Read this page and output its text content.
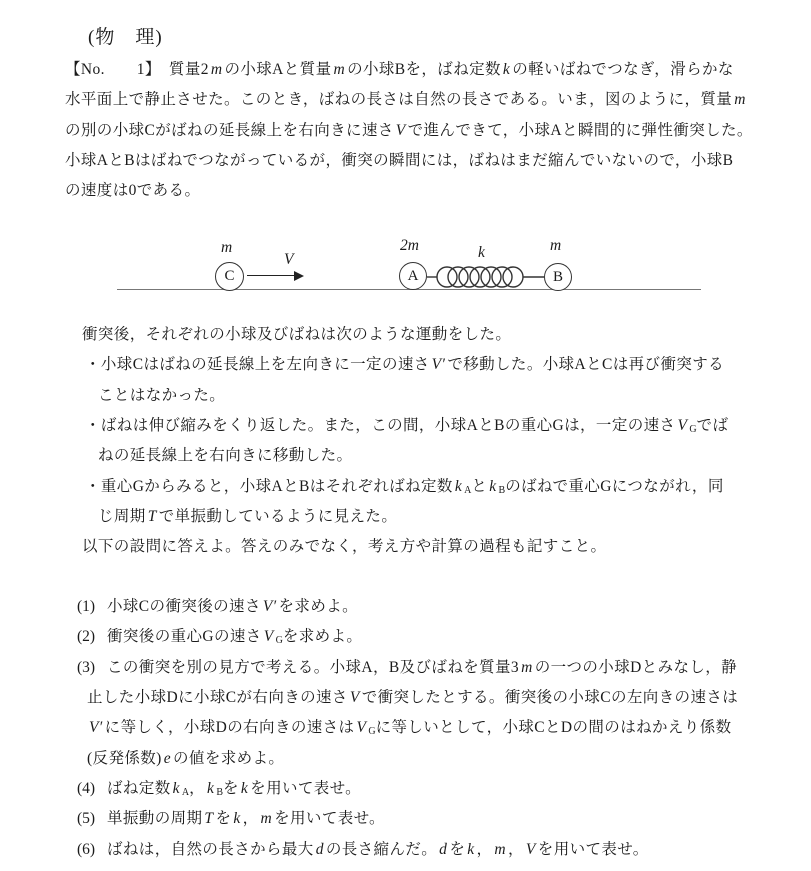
(物　理)
【No.　　1】　質量2 m の小球Aと質量 m の小球Bを，ばね定数 k の軽いばねでつなぎ，滑らかな
水平面上で静止させた。このとき，ばねの長さは自然の長さである。いま，図のように，質量 m
の別の小球Cがばねの延長線上を右向きに速さ V で進んできて，小球Aと瞬間的に弾性衝突した。
小球AとBはばねでつながっているが，衝突の瞬間には，ばねはまだ縮んでいないので，小球B
の速度は0である。
m
C
V
2m
A
k	m
B
衝突後，それぞれの小球及びばねは次のような運動をした。
・小球Cはばねの延長線上を左向きに一定の速さ V′ で移動した。小球AとCは再び衝突する
ことはなかった。
・ばねは伸び縮みをくり返した。また，この間，小球AとBの重心Gは，一定の速さ V Gでば
ねの延長線上を右向きに移動した。
・重心Gからみると，小球AとBはそれぞればね定数 k Aと k Bのばねで重心Gにつながれ，同
じ周期 T で単振動しているように見えた。
以下の設問に答えよ。答えのみでなく，考え方や計算の過程も記すこと。
(1) 小球Cの衝突後の速さ V′ を求めよ。
(2) 衝突後の重心Gの速さ V Gを求めよ。
(3) この衝突を別の見方で考える。小球A，B及びばねを質量3 m の一つの小球Dとみなし，静
止した小球Dに小球Cが右向きの速さ V で衝突したとする。衝突後の小球Cの左向きの速さは
V′ に等しく，小球Dの右向きの速さは V Gに等しいとして，小球CとDの間のはねかえり係数
(反発係数) e の値を求めよ。
(4) ばね定数 k A， k Bを k を用いて表せ。
(5) 単振動の周期 T を k ， m を用いて表せ。
(6) ばねは，自然の長さから最大 d の長さ縮んだ。 d を k ， m ， V を用いて表せ。
